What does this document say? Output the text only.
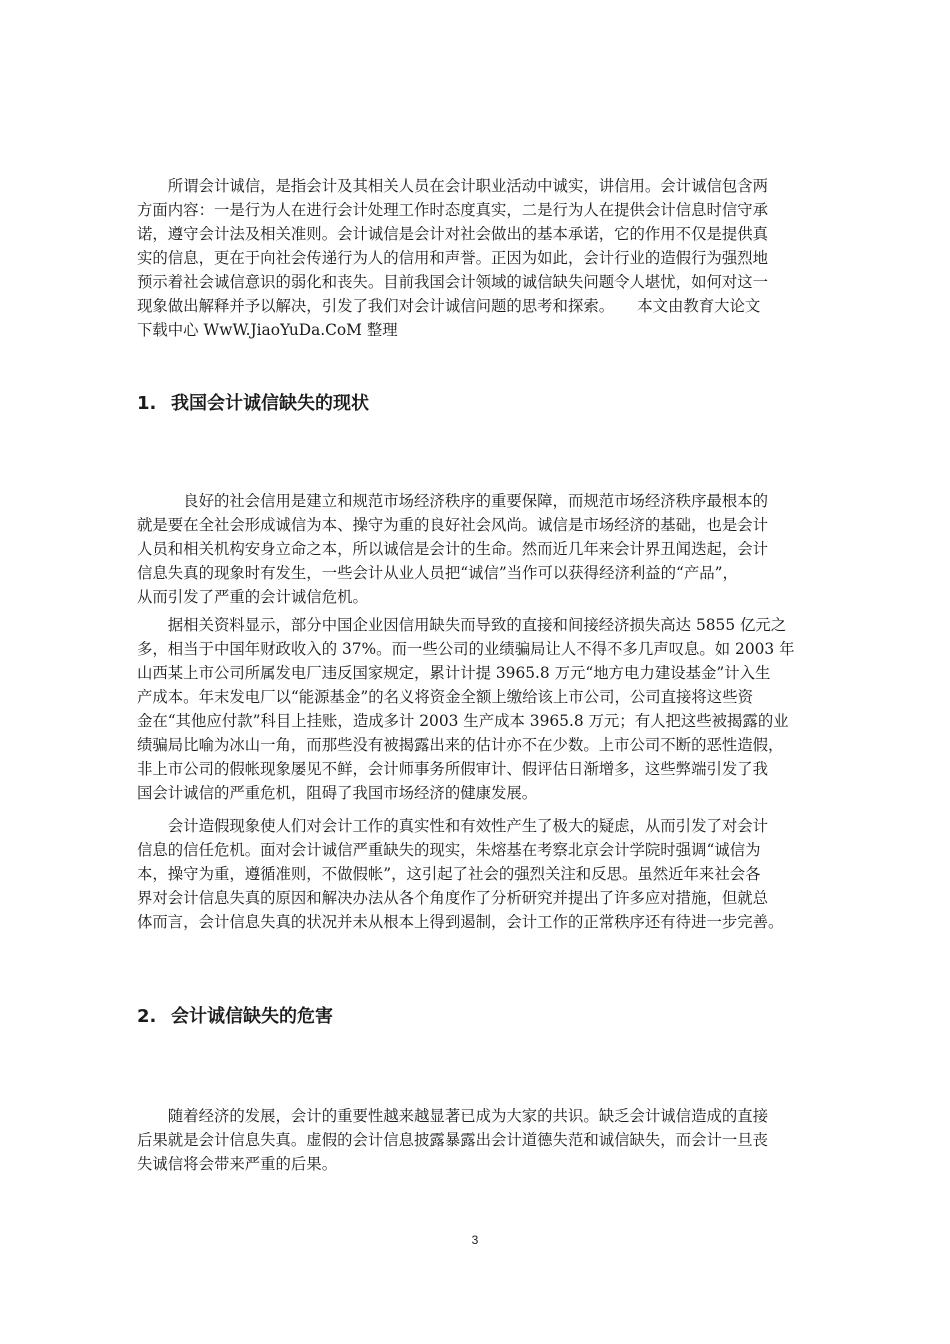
　　所谓会计诚信，是指会计及其相关人员在会计职业活动中诚实，讲信用。会计诚信包含两
方面内容：一是行为人在进行会计处理工作时态度真实，二是行为人在提供会计信息时信守承
诺，遵守会计法及相关准则。会计诚信是会计对社会做出的基本承诺，它的作用不仅是提供真
实的信息，更在于向社会传递行为人的信用和声誉。正因为如此，会计行业的造假行为强烈地
预示着社会诚信意识的弱化和丧失。目前我国会计领域的诚信缺失问题令人堪忧，如何对这一
现象做出解释并予以解决，引发了我们对会计诚信问题的思考和探索。　　本文由教育大论文
下载中心 WwW.JiaoYuDa.CoM 整理

1. 我国会计诚信缺失的现状

　　　良好的社会信用是建立和规范市场经济秩序的重要保障，而规范市场经济秩序最根本的
就是要在全社会形成诚信为本、操守为重的良好社会风尚。诚信是市场经济的基础，也是会计
人员和相关机构安身立命之本，所以诚信是会计的生命。然而近几年来会计界丑闻迭起，会计
信息失真的现象时有发生，一些会计从业人员把“诚信”当作可以获得经济利益的“产品”，
从而引发了严重的会计诚信危机。

　　据相关资料显示，部分中国企业因信用缺失而导致的直接和间接经济损失高达 5855 亿元之
多，相当于中国年财政收入的 37%。而一些公司的业绩骗局让人不得不多几声叹息。如 2003 年
山西某上市公司所属发电厂违反国家规定，累计计提 3965.8 万元“地方电力建设基金”计入生
产成本。年末发电厂以“能源基金”的名义将资金全额上缴给该上市公司，公司直接将这些资
金在“其他应付款”科目上挂账，造成多计 2003 生产成本 3965.8 万元；有人把这些被揭露的业
绩骗局比喻为冰山一角，而那些没有被揭露出来的估计亦不在少数。上市公司不断的恶性造假，
非上市公司的假帐现象屡见不鲜，会计师事务所假审计、假评估日渐增多，这些弊端引发了我
国会计诚信的严重危机，阻碍了我国市场经济的健康发展。

　　会计造假现象使人们对会计工作的真实性和有效性产生了极大的疑虑，从而引发了对会计
信息的信任危机。面对会计诚信严重缺失的现实，朱熔基在考察北京会计学院时强调“诚信为
本，操守为重，遵循准则，不做假帐”，这引起了社会的强烈关注和反思。虽然近年来社会各
界对会计信息失真的原因和解决办法从各个角度作了分析研究并提出了许多应对措施，但就总
体而言，会计信息失真的状况并未从根本上得到遏制，会计工作的正常秩序还有待进一步完善。

2. 会计诚信缺失的危害

　　随着经济的发展，会计的重要性越来越显著已成为大家的共识。缺乏会计诚信造成的直接
后果就是会计信息失真。虚假的会计信息披露暴露出会计道德失范和诚信缺失，而会计一旦丧
失诚信将会带来严重的后果。

3
